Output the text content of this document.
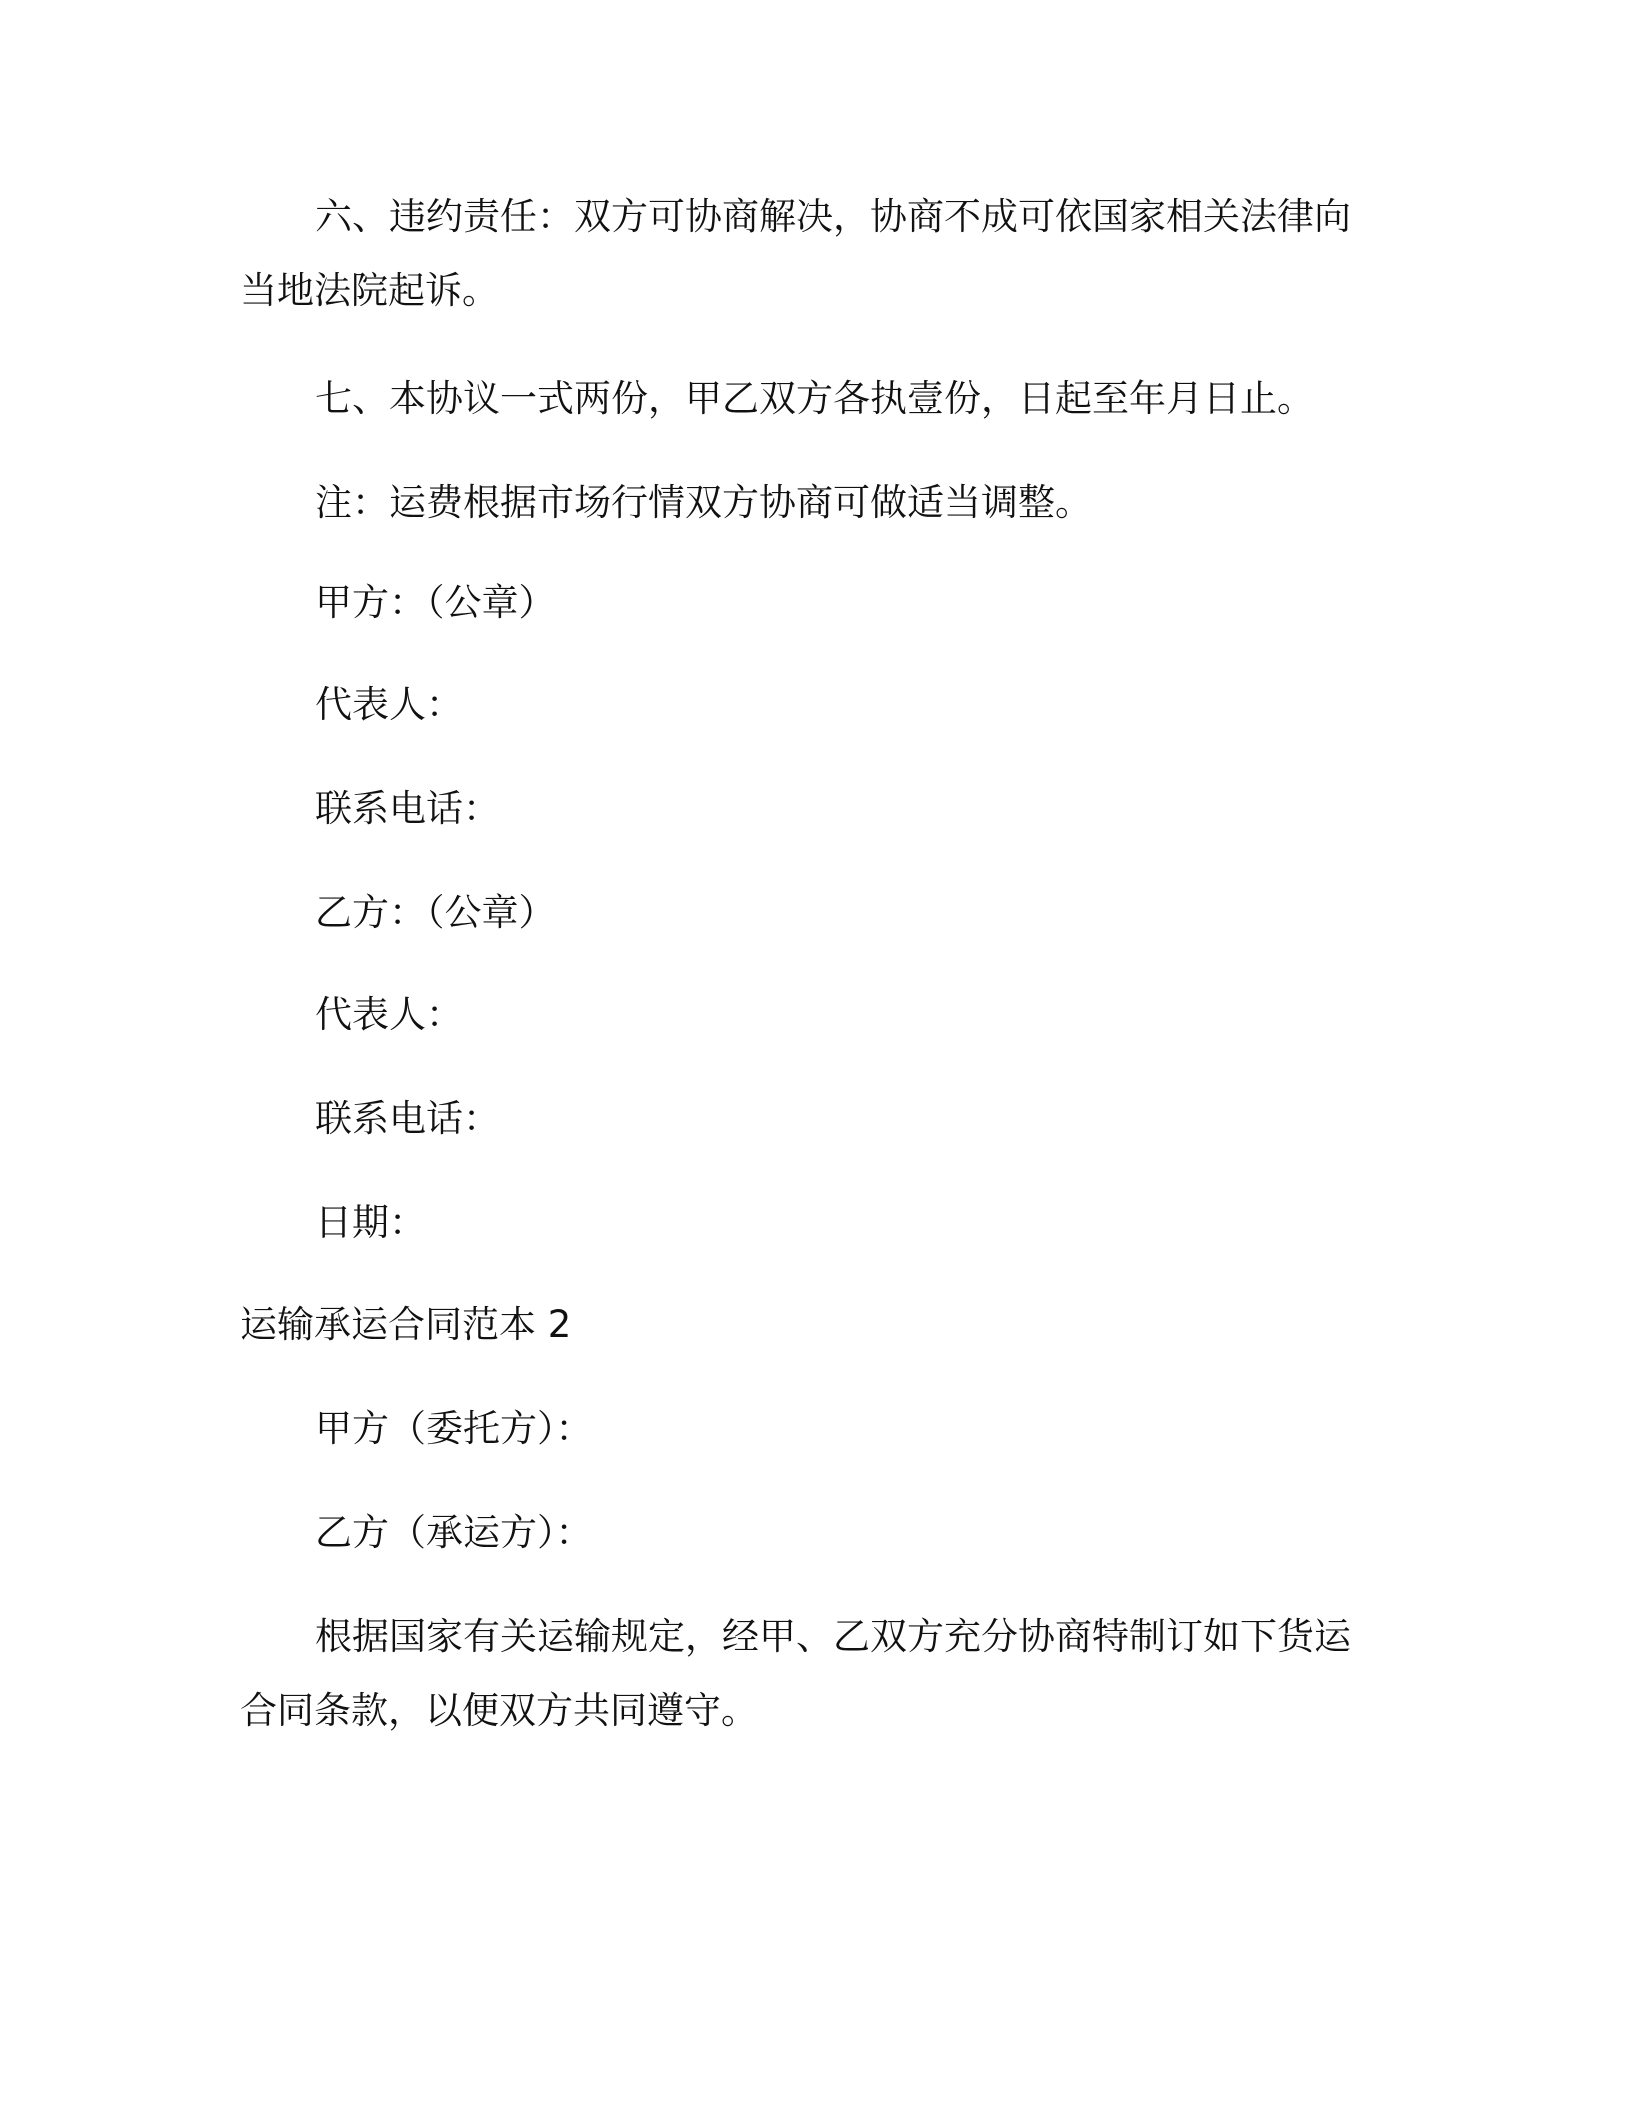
六、违约责任：双方可协商解决，协商不成可依国家相关法律向
当地法院起诉。

七、本协议一式两份，甲乙双方各执壹份，日起至年月日止。

注：运费根据市场行情双方协商可做适当调整。

甲方：（公章）

代表人：

联系电话：

乙方：（公章）

代表人：

联系电话：

日期：

运输承运合同范本 2

甲方（委托方）：

乙方（承运方）：

根据国家有关运输规定，经甲、乙双方充分协商特制订如下货运
合同条款，以便双方共同遵守。
